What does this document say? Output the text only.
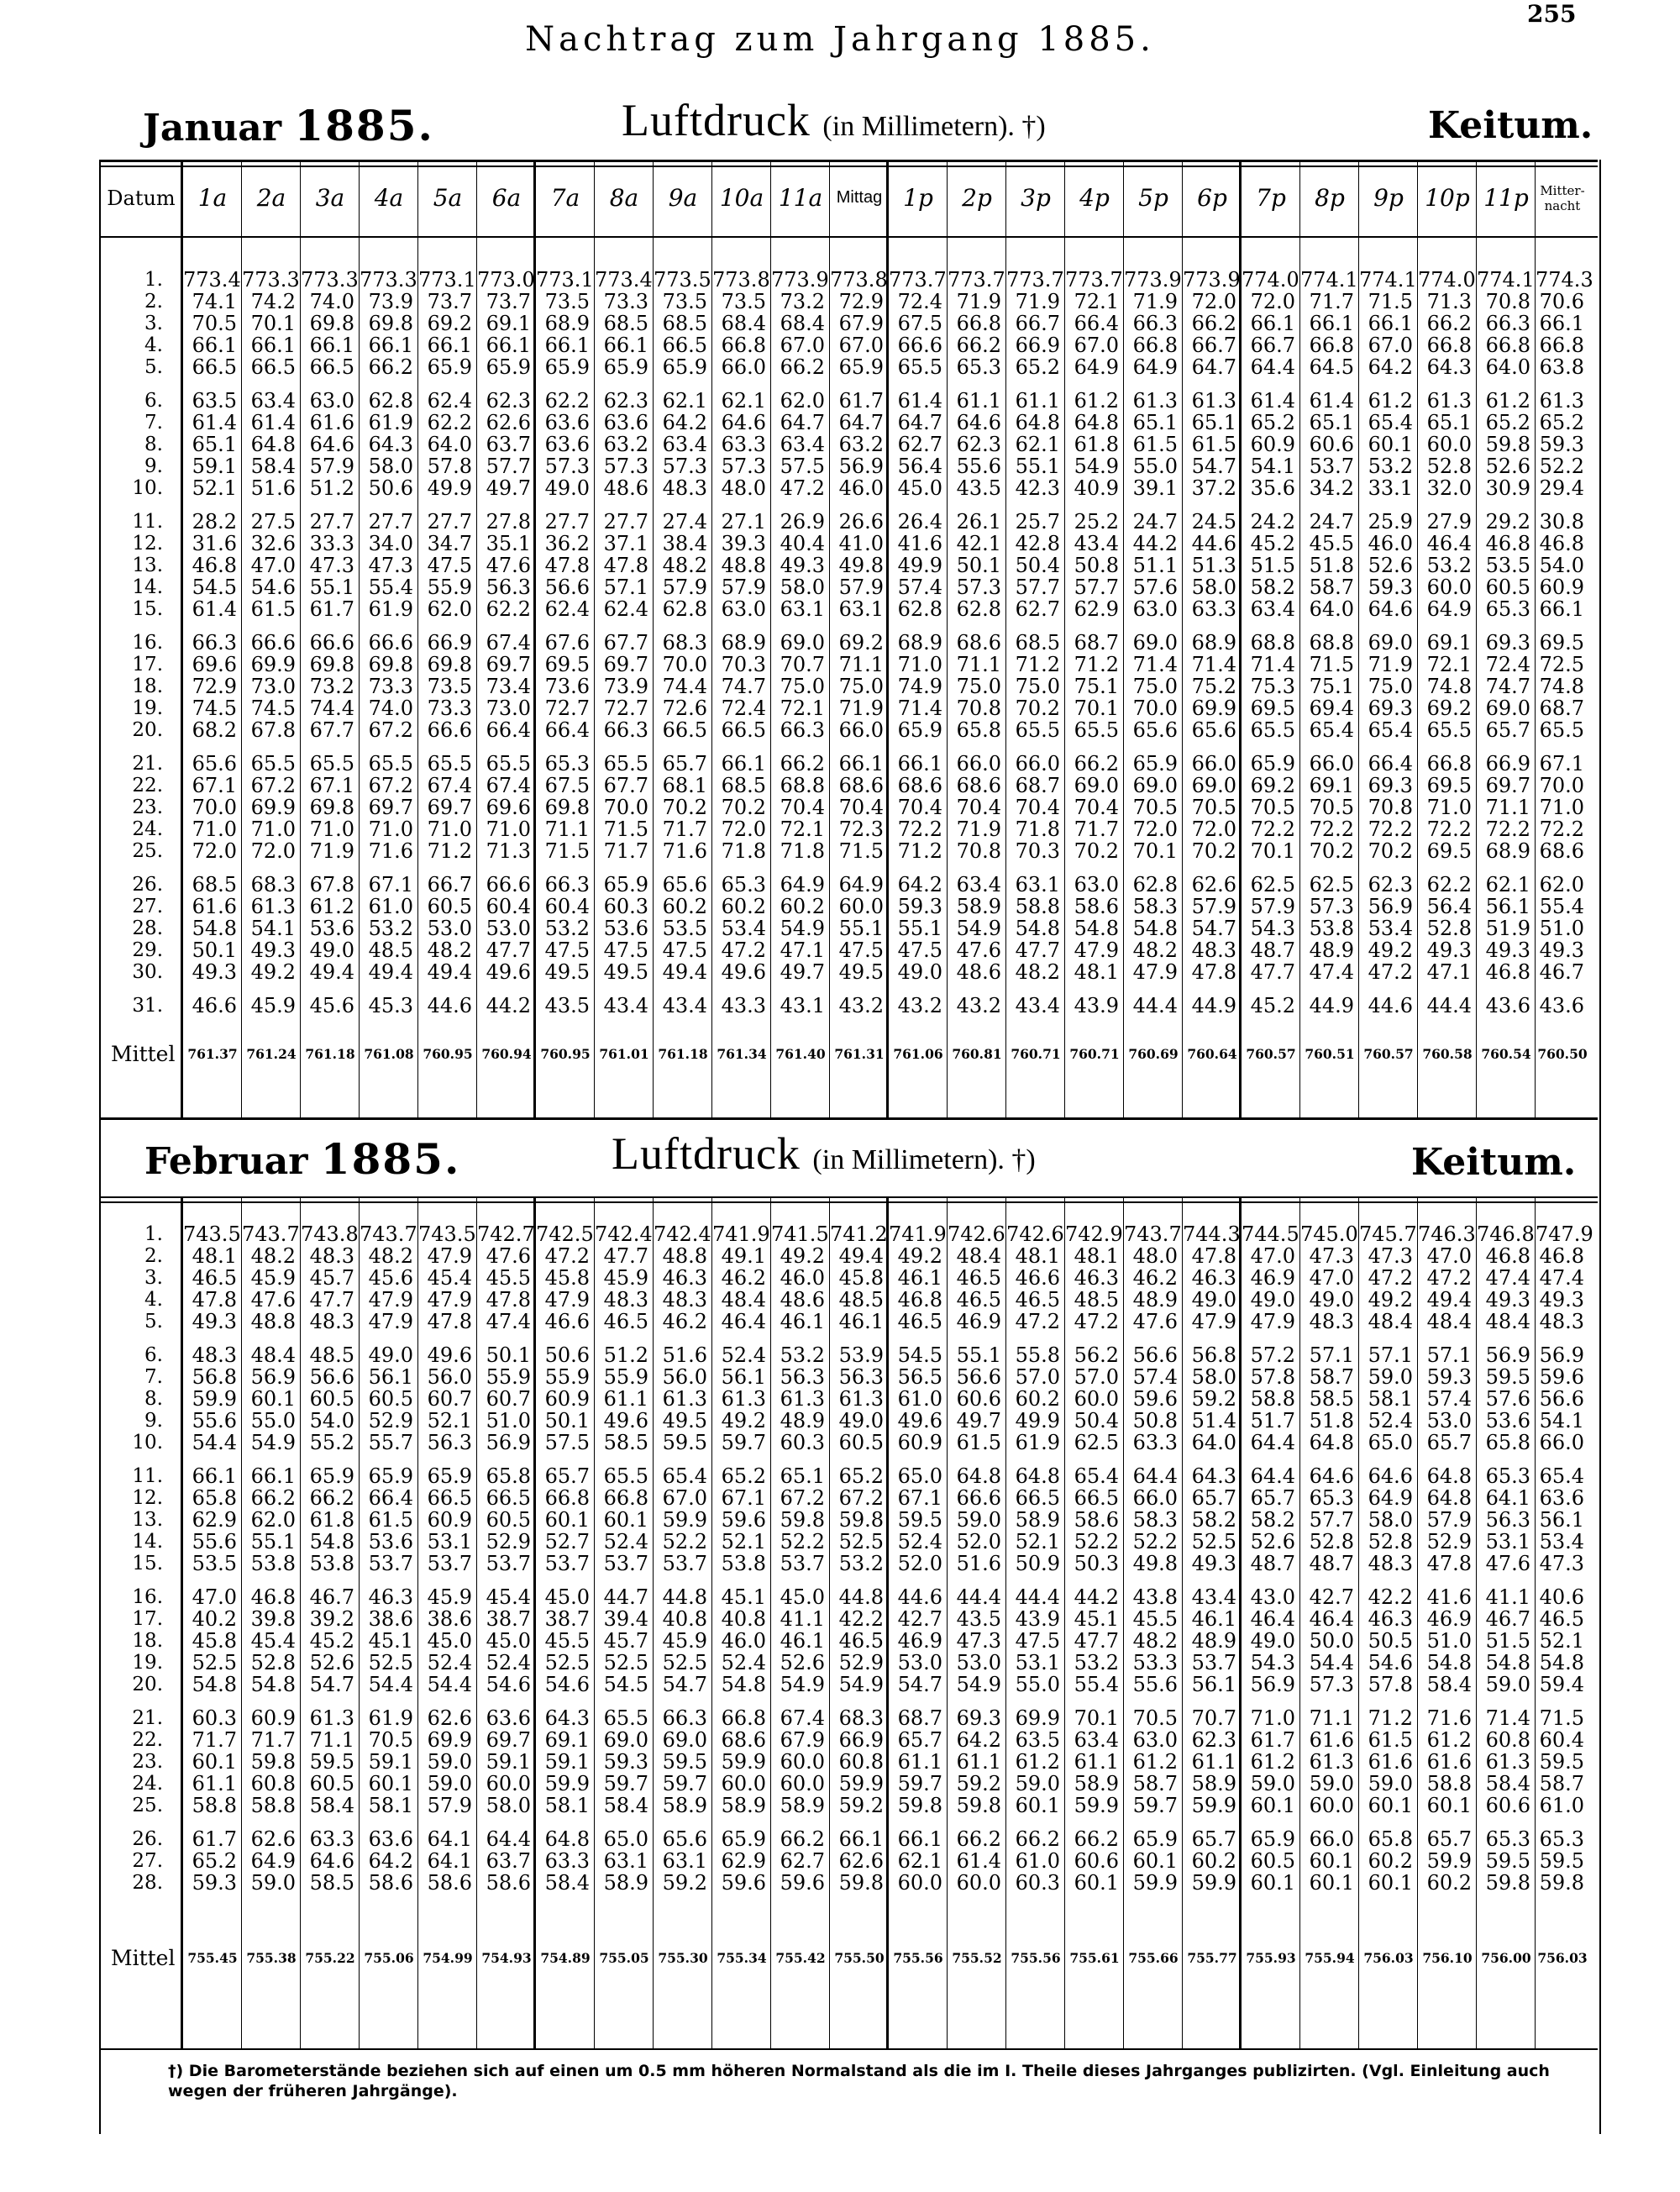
255
Nachtrag zum Jahrgang 1885.
Januar 1885.	Luftdruck (in Millimetern). †)	Keitum.
Februar 1885.	Luftdruck (in Millimetern). †)	Keitum.
Datum 1a	2a	3a	4a	5a	6a	7a	8a	9a 10a 11a Mittag 1p	2p	3p	4p	5p	6p	7p	8p	9p 10p 11p Mitter-nacht
1.	773.4 773.3 773.3 773.3 773.1 773.0 773.1 773.4 773.5 773.8 773.9 773.8 773.7 773.7 773.7 773.7 773.9 773.9 774.0 774.1 774.1 774.0 774.1 774.3
2.	74.1 74.2 74.0 73.9 73.7 73.7 73.5 73.3 73.5 73.5 73.2 72.9 72.4 71.9 71.9 72.1 71.9 72.0 72.0 71.7 71.5 71.3 70.8 70.6
3.	70.5 70.1 69.8 69.8 69.2 69.1 68.9 68.5 68.5 68.4 68.4 67.9 67.5 66.8 66.7 66.4 66.3 66.2 66.1 66.1 66.1 66.2 66.3 66.1
4.	66.1 66.1 66.1 66.1 66.1 66.1 66.1 66.1 66.5 66.8 67.0 67.0 66.6 66.2 66.9 67.0 66.8 66.7 66.7 66.8 67.0 66.8 66.8 66.8
5.	66.5 66.5 66.5 66.2 65.9 65.9 65.9 65.9 65.9 66.0 66.2 65.9 65.5 65.3 65.2 64.9 64.9 64.7 64.4 64.5 64.2 64.3 64.0 63.8
6.	63.5 63.4 63.0 62.8 62.4 62.3 62.2 62.3 62.1 62.1 62.0 61.7 61.4 61.1 61.1 61.2 61.3 61.3 61.4 61.4 61.2 61.3 61.2 61.3
7.	61.4 61.4 61.6 61.9 62.2 62.6 63.6 63.6 64.2 64.6 64.7 64.7 64.7 64.6 64.8 64.8 65.1 65.1 65.2 65.1 65.4 65.1 65.2 65.2
8.	65.1 64.8 64.6 64.3 64.0 63.7 63.6 63.2 63.4 63.3 63.4 63.2 62.7 62.3 62.1 61.8 61.5 61.5 60.9 60.6 60.1 60.0 59.8 59.3
9.	59.1 58.4 57.9 58.0 57.8 57.7 57.3 57.3 57.3 57.3 57.5 56.9 56.4 55.6 55.1 54.9 55.0 54.7 54.1 53.7 53.2 52.8 52.6 52.2
10.	52.1 51.6 51.2 50.6 49.9 49.7 49.0 48.6 48.3 48.0 47.2 46.0 45.0 43.5 42.3 40.9 39.1 37.2 35.6 34.2 33.1 32.0 30.9 29.4
11.	28.2 27.5 27.7 27.7 27.7 27.8 27.7 27.7 27.4 27.1 26.9 26.6 26.4 26.1 25.7 25.2 24.7 24.5 24.2 24.7 25.9 27.9 29.2 30.8
12.	31.6 32.6 33.3 34.0 34.7 35.1 36.2 37.1 38.4 39.3 40.4 41.0 41.6 42.1 42.8 43.4 44.2 44.6 45.2 45.5 46.0 46.4 46.8 46.8
13.	46.8 47.0 47.3 47.3 47.5 47.6 47.8 47.8 48.2 48.8 49.3 49.8 49.9 50.1 50.4 50.8 51.1 51.3 51.5 51.8 52.6 53.2 53.5 54.0
14.	54.5 54.6 55.1 55.4 55.9 56.3 56.6 57.1 57.9 57.9 58.0 57.9 57.4 57.3 57.7 57.7 57.6 58.0 58.2 58.7 59.3 60.0 60.5 60.9
15.	61.4 61.5 61.7 61.9 62.0 62.2 62.4 62.4 62.8 63.0 63.1 63.1 62.8 62.8 62.7 62.9 63.0 63.3 63.4 64.0 64.6 64.9 65.3 66.1
16.	66.3 66.6 66.6 66.6 66.9 67.4 67.6 67.7 68.3 68.9 69.0 69.2 68.9 68.6 68.5 68.7 69.0 68.9 68.8 68.8 69.0 69.1 69.3 69.5
17.	69.6 69.9 69.8 69.8 69.8 69.7 69.5 69.7 70.0 70.3 70.7 71.1 71.0 71.1 71.2 71.2 71.4 71.4 71.4 71.5 71.9 72.1 72.4 72.5
18.	72.9 73.0 73.2 73.3 73.5 73.4 73.6 73.9 74.4 74.7 75.0 75.0 74.9 75.0 75.0 75.1 75.0 75.2 75.3 75.1 75.0 74.8 74.7 74.8
19.	74.5 74.5 74.4 74.0 73.3 73.0 72.7 72.7 72.6 72.4 72.1 71.9 71.4 70.8 70.2 70.1 70.0 69.9 69.5 69.4 69.3 69.2 69.0 68.7
20.	68.2 67.8 67.7 67.2 66.6 66.4 66.4 66.3 66.5 66.5 66.3 66.0 65.9 65.8 65.5 65.5 65.6 65.6 65.5 65.4 65.4 65.5 65.7 65.5
21.	65.6 65.5 65.5 65.5 65.5 65.5 65.3 65.5 65.7 66.1 66.2 66.1 66.1 66.0 66.0 66.2 65.9 66.0 65.9 66.0 66.4 66.8 66.9 67.1
22.	67.1 67.2 67.1 67.2 67.4 67.4 67.5 67.7 68.1 68.5 68.8 68.6 68.6 68.6 68.7 69.0 69.0 69.0 69.2 69.1 69.3 69.5 69.7 70.0
23.	70.0 69.9 69.8 69.7 69.7 69.6 69.8 70.0 70.2 70.2 70.4 70.4 70.4 70.4 70.4 70.4 70.5 70.5 70.5 70.5 70.8 71.0 71.1 71.0
24.	71.0 71.0 71.0 71.0 71.0 71.0 71.1 71.5 71.7 72.0 72.1 72.3 72.2 71.9 71.8 71.7 72.0 72.0 72.2 72.2 72.2 72.2 72.2 72.2
25.	72.0 72.0 71.9 71.6 71.2 71.3 71.5 71.7 71.6 71.8 71.8 71.5 71.2 70.8 70.3 70.2 70.1 70.2 70.1 70.2 70.2 69.5 68.9 68.6
26.	68.5 68.3 67.8 67.1 66.7 66.6 66.3 65.9 65.6 65.3 64.9 64.9 64.2 63.4 63.1 63.0 62.8 62.6 62.5 62.5 62.3 62.2 62.1 62.0
27.	61.6 61.3 61.2 61.0 60.5 60.4 60.4 60.3 60.2 60.2 60.2 60.0 59.3 58.9 58.8 58.6 58.3 57.9 57.9 57.3 56.9 56.4 56.1 55.4
28.	54.8 54.1 53.6 53.2 53.0 53.0 53.2 53.6 53.5 53.4 54.9 55.1 55.1 54.9 54.8 54.8 54.8 54.7 54.3 53.8 53.4 52.8 51.9 51.0
29.	50.1 49.3 49.0 48.5 48.2 47.7 47.5 47.5 47.5 47.2 47.1 47.5 47.5 47.6 47.7 47.9 48.2 48.3 48.7 48.9 49.2 49.3 49.3 49.3
30.	49.3 49.2 49.4 49.4 49.4 49.6 49.5 49.5 49.4 49.6 49.7 49.5 49.0 48.6 48.2 48.1 47.9 47.8 47.7 47.4 47.2 47.1 46.8 46.7
31.	46.6 45.9 45.6 45.3 44.6 44.2 43.5 43.4 43.4 43.3 43.1 43.2 43.2 43.2 43.4 43.9 44.4 44.9 45.2 44.9 44.6 44.4 43.6 43.6
Mittel 761.37 761.24 761.18 761.08 760.95 760.94 760.95 761.01 761.18 761.34 761.40 761.31 761.06 760.81 760.71 760.71 760.69 760.64 760.57 760.51 760.57 760.58 760.54 760.50
1.	743.5 743.7 743.8 743.7 743.5 742.7 742.5 742.4 742.4 741.9 741.5 741.2 741.9 742.6 742.6 742.9 743.7 744.3 744.5 745.0 745.7 746.3 746.8 747.9
2.	48.1 48.2 48.3 48.2 47.9 47.6 47.2 47.7 48.8 49.1 49.2 49.4 49.2 48.4 48.1 48.1 48.0 47.8 47.0 47.3 47.3 47.0 46.8 46.8
3.	46.5 45.9 45.7 45.6 45.4 45.5 45.8 45.9 46.3 46.2 46.0 45.8 46.1 46.5 46.6 46.3 46.2 46.3 46.9 47.0 47.2 47.2 47.4 47.4
4.	47.8 47.6 47.7 47.9 47.9 47.8 47.9 48.3 48.3 48.4 48.6 48.5 46.8 46.5 46.5 48.5 48.9 49.0 49.0 49.0 49.2 49.4 49.3 49.3
5.	49.3 48.8 48.3 47.9 47.8 47.4 46.6 46.5 46.2 46.4 46.1 46.1 46.5 46.9 47.2 47.2 47.6 47.9 47.9 48.3 48.4 48.4 48.4 48.3
6.	48.3 48.4 48.5 49.0 49.6 50.1 50.6 51.2 51.6 52.4 53.2 53.9 54.5 55.1 55.8 56.2 56.6 56.8 57.2 57.1 57.1 57.1 56.9 56.9
7.	56.8 56.9 56.6 56.1 56.0 55.9 55.9 55.9 56.0 56.1 56.3 56.3 56.5 56.6 57.0 57.0 57.4 58.0 57.8 58.7 59.0 59.3 59.5 59.6
8.	59.9 60.1 60.5 60.5 60.7 60.7 60.9 61.1 61.3 61.3 61.3 61.3 61.0 60.6 60.2 60.0 59.6 59.2 58.8 58.5 58.1 57.4 57.6 56.6
9.	55.6 55.0 54.0 52.9 52.1 51.0 50.1 49.6 49.5 49.2 48.9 49.0 49.6 49.7 49.9 50.4 50.8 51.4 51.7 51.8 52.4 53.0 53.6 54.1
10.	54.4 54.9 55.2 55.7 56.3 56.9 57.5 58.5 59.5 59.7 60.3 60.5 60.9 61.5 61.9 62.5 63.3 64.0 64.4 64.8 65.0 65.7 65.8 66.0
11.	66.1 66.1 65.9 65.9 65.9 65.8 65.7 65.5 65.4 65.2 65.1 65.2 65.0 64.8 64.8 65.4 64.4 64.3 64.4 64.6 64.6 64.8 65.3 65.4
12.	65.8 66.2 66.2 66.4 66.5 66.5 66.8 66.8 67.0 67.1 67.2 67.2 67.1 66.6 66.5 66.5 66.0 65.7 65.7 65.3 64.9 64.8 64.1 63.6
13.	62.9 62.0 61.8 61.5 60.9 60.5 60.1 60.1 59.9 59.6 59.8 59.8 59.5 59.0 58.9 58.6 58.3 58.2 58.2 57.7 58.0 57.9 56.3 56.1
14.	55.6 55.1 54.8 53.6 53.1 52.9 52.7 52.4 52.2 52.1 52.2 52.5 52.4 52.0 52.1 52.2 52.2 52.5 52.6 52.8 52.8 52.9 53.1 53.4
15.	53.5 53.8 53.8 53.7 53.7 53.7 53.7 53.7 53.7 53.8 53.7 53.2 52.0 51.6 50.9 50.3 49.8 49.3 48.7 48.7 48.3 47.8 47.6 47.3
16.	47.0 46.8 46.7 46.3 45.9 45.4 45.0 44.7 44.8 45.1 45.0 44.8 44.6 44.4 44.4 44.2 43.8 43.4 43.0 42.7 42.2 41.6 41.1 40.6
17.	40.2 39.8 39.2 38.6 38.6 38.7 38.7 39.4 40.8 40.8 41.1 42.2 42.7 43.5 43.9 45.1 45.5 46.1 46.4 46.4 46.3 46.9 46.7 46.5
18.	45.8 45.4 45.2 45.1 45.0 45.0 45.5 45.7 45.9 46.0 46.1 46.5 46.9 47.3 47.5 47.7 48.2 48.9 49.0 50.0 50.5 51.0 51.5 52.1
19.	52.5 52.8 52.6 52.5 52.4 52.4 52.5 52.5 52.5 52.4 52.6 52.9 53.0 53.0 53.1 53.2 53.3 53.7 54.3 54.4 54.6 54.8 54.8 54.8
20.	54.8 54.8 54.7 54.4 54.4 54.6 54.6 54.5 54.7 54.8 54.9 54.9 54.7 54.9 55.0 55.4 55.6 56.1 56.9 57.3 57.8 58.4 59.0 59.4
21.	60.3 60.9 61.3 61.9 62.6 63.6 64.3 65.5 66.3 66.8 67.4 68.3 68.7 69.3 69.9 70.1 70.5 70.7 71.0 71.1 71.2 71.6 71.4 71.5
22.	71.7 71.7 71.1 70.5 69.9 69.7 69.1 69.0 69.0 68.6 67.9 66.9 65.7 64.2 63.5 63.4 63.0 62.3 61.7 61.6 61.5 61.2 60.8 60.4
23.	60.1 59.8 59.5 59.1 59.0 59.1 59.1 59.3 59.5 59.9 60.0 60.8 61.1 61.1 61.2 61.1 61.2 61.1 61.2 61.3 61.6 61.6 61.3 59.5
24.	61.1 60.8 60.5 60.1 59.0 60.0 59.9 59.7 59.7 60.0 60.0 59.9 59.7 59.2 59.0 58.9 58.7 58.9 59.0 59.0 59.0 58.8 58.4 58.7
25.	58.8 58.8 58.4 58.1 57.9 58.0 58.1 58.4 58.9 58.9 58.9 59.2 59.8 59.8 60.1 59.9 59.7 59.9 60.1 60.0 60.1 60.1 60.6 61.0
26.	61.7 62.6 63.3 63.6 64.1 64.4 64.8 65.0 65.6 65.9 66.2 66.1 66.1 66.2 66.2 66.2 65.9 65.7 65.9 66.0 65.8 65.7 65.3 65.3
27.	65.2 64.9 64.6 64.2 64.1 63.7 63.3 63.1 63.1 62.9 62.7 62.6 62.1 61.4 61.0 60.6 60.1 60.2 60.5 60.1 60.2 59.9 59.5 59.5
28.	59.3 59.0 58.5 58.6 58.6 58.6 58.4 58.9 59.2 59.6 59.6 59.8 60.0 60.0 60.3 60.1 59.9 59.9 60.1 60.1 60.1 60.2 59.8 59.8
Mittel 755.45 755.38 755.22 755.06 754.99 754.93 754.89 755.05 755.30 755.34 755.42 755.50 755.56 755.52 755.56 755.61 755.66 755.77 755.93 755.94 756.03 756.10 756.00 756.03
†) Die Barometerstände beziehen sich auf einen um 0.5 mm höheren Normalstand als die im I. Theile dieses Jahrganges publizirten. (Vgl. Einleitung auch wegen der früheren Jahrgänge).
